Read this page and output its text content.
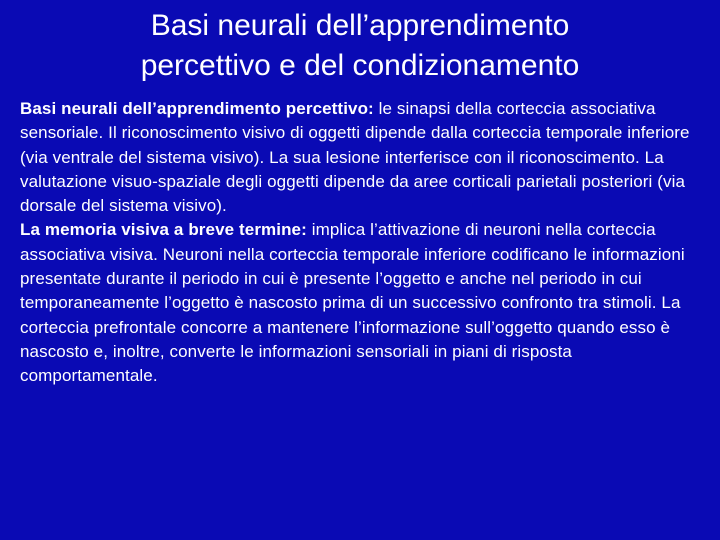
Basi neurali dell’apprendimento
percettivo e del condizionamento

Basi neurali dell’apprendimento percettivo: le sinapsi della corteccia associativa sensoriale. Il riconoscimento visivo di oggetti dipende dalla corteccia temporale inferiore (via ventrale del sistema visivo). La sua lesione interferisce con il riconoscimento. La valutazione visuo-spaziale degli oggetti dipende da aree corticali parietali posteriori (via dorsale del sistema visivo).

La memoria visiva a breve termine: implica l’attivazione di neuroni nella corteccia associativa visiva. Neuroni nella corteccia temporale inferiore codificano le informazioni presentate durante il periodo in cui è presente l’oggetto e anche nel periodo in cui temporaneamente l’oggetto è nascosto prima di un successivo confronto tra stimoli. La corteccia prefrontale concorre a mantenere l’informazione sull’oggetto quando esso è nascosto e, inoltre, converte le informazioni sensoriali in piani di risposta comportamentale.
